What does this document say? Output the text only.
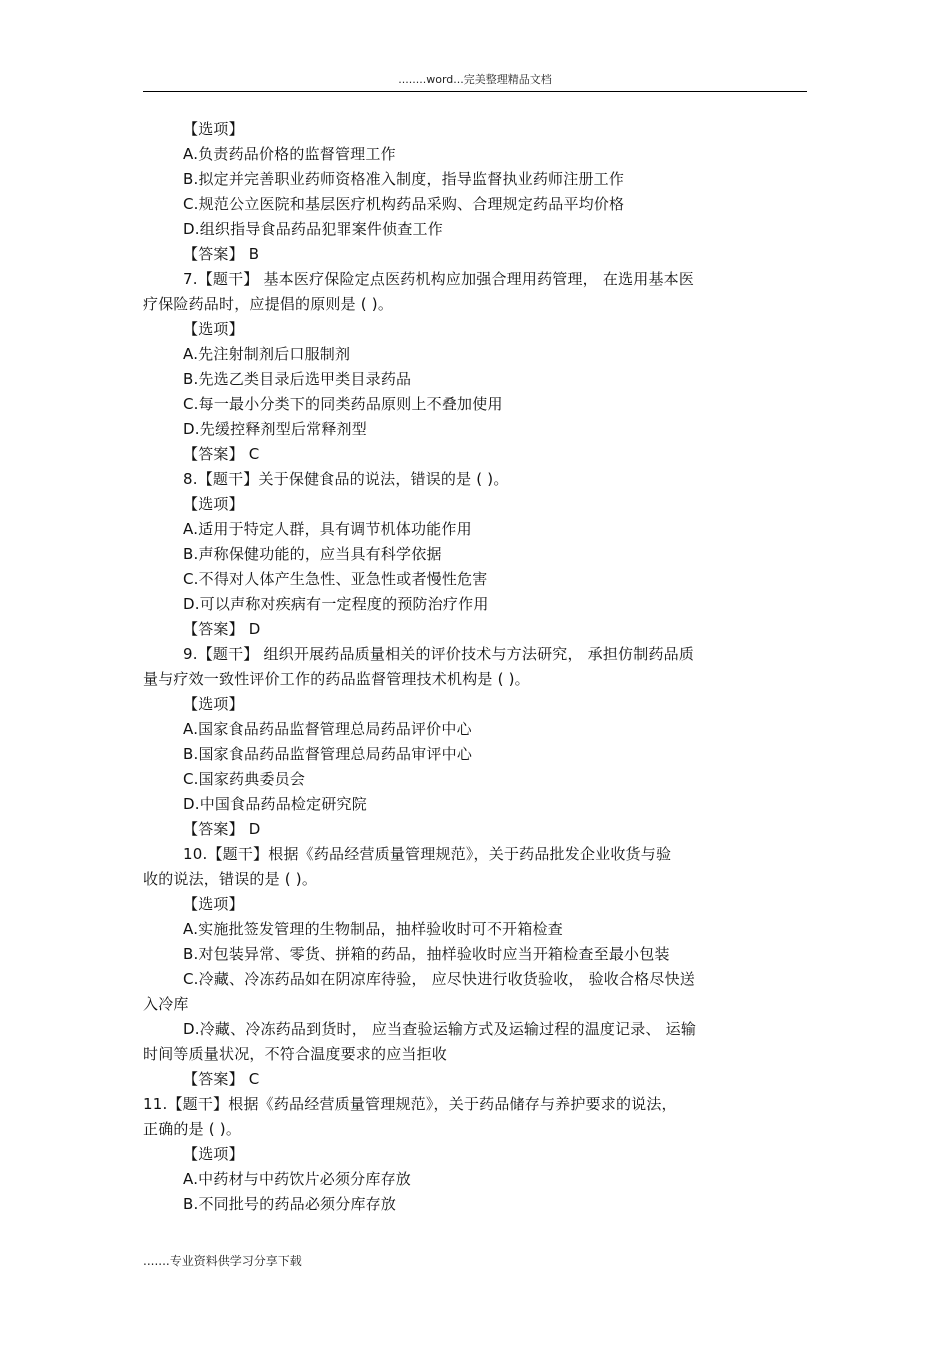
........word...完美整理精品文档
【选项】
A.负责药品价格的监督管理工作
B.拟定并完善职业药师资格准入制度，指导监督执业药师注册工作
C.规范公立医院和基层医疗机构药品采购、合理规定药品平均价格
D.组织指导食品药品犯罪案件侦查工作
【答案】 B
7.【题干】 基本医疗保险定点医药机构应加强合理用药管理， 在选用基本医
疗保险药品时，应提倡的原则是 ( )。
【选项】
A.先注射制剂后口服制剂
B.先选乙类目录后选甲类目录药品
C.每一最小分类下的同类药品原则上不叠加使用
D.先缓控释剂型后常释剂型
【答案】 C
8.【题干】关于保健食品的说法，错误的是 ( )。
【选项】
A.适用于特定人群，具有调节机体功能作用
B.声称保健功能的，应当具有科学依据
C.不得对人体产生急性、亚急性或者慢性危害
D.可以声称对疾病有一定程度的预防治疗作用
【答案】 D
9.【题干】 组织开展药品质量相关的评价技术与方法研究， 承担仿制药品质
量与疗效一致性评价工作的药品监督管理技术机构是 ( )。
【选项】
A.国家食品药品监督管理总局药品评价中心
B.国家食品药品监督管理总局药品审评中心
C.国家药典委员会
D.中国食品药品检定研究院
【答案】 D
10.【题干】根据《药品经营质量管理规范》，关于药品批发企业收货与验
收的说法，错误的是 ( )。
【选项】
A.实施批签发管理的生物制品，抽样验收时可不开箱检查
B.对包装异常、零货、拼箱的药品，抽样验收时应当开箱检查至最小包装
C.冷藏、冷冻药品如在阴凉库待验， 应尽快进行收货验收， 验收合格尽快送
入冷库
D.冷藏、冷冻药品到货时， 应当查验运输方式及运输过程的温度记录、 运输
时间等质量状况，不符合温度要求的应当拒收
【答案】 C
11.【题干】根据《药品经营质量管理规范》，关于药品储存与养护要求的说法，
正确的是 ( )。
【选项】
A.中药材与中药饮片必须分库存放
B.不同批号的药品必须分库存放
.......专业资料供学习分享下载
